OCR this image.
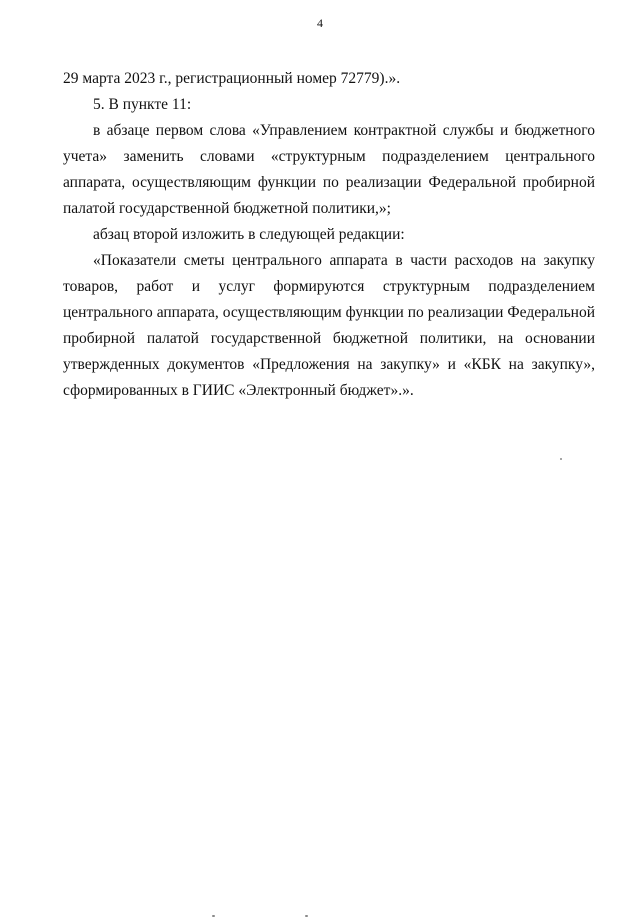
4

29 марта 2023 г., регистрационный номер 72779).».

5. В пункте 11:

в абзаце первом слова «Управлением контрактной службы и бюджетного учета» заменить словами «структурным подразделением центрального аппарата, осуществляющим функции по реализации Федеральной пробирной палатой государственной бюджетной политики,»;

абзац второй изложить в следующей редакции:

«Показатели сметы центрального аппарата в части расходов на закупку товаров, работ и услуг формируются структурным подразделением центрального аппарата, осуществляющим функции по реализации Федеральной пробирной палатой государственной бюджетной политики, на основании утвержденных документов «Предложения на закупку» и «КБК на закупку», сформированных в ГИИС «Электронный бюджет».».
